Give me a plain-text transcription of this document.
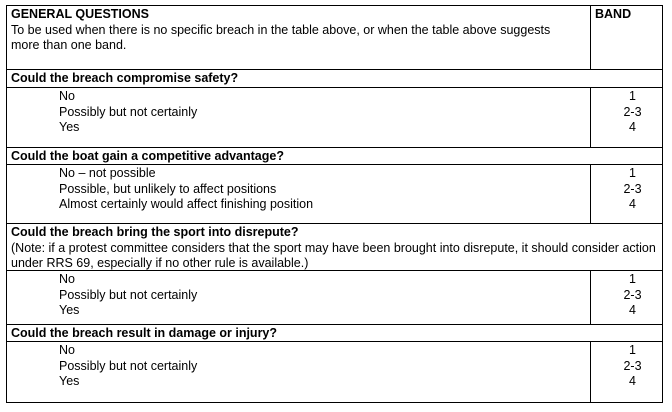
GENERAL QUESTIONS
To be used when there is no specific breach in the table above, or when the table above suggests more than one band.
BAND
Could the breach compromise safety?
No
Possibly but not certainly
Yes
1
2-3
4
Could the boat gain a competitive advantage?
No – not possible
Possible, but unlikely to affect positions
Almost certainly would affect finishing position
1
2-3
4
Could the breach bring the sport into disrepute?
(Note: if a protest committee considers that the sport may have been brought into disrepute, it should consider action under RRS 69, especially if no other rule is available.)
No
Possibly but not certainly
Yes
1
2-3
4
Could the breach result in damage or injury?
No
Possibly but not certainly
Yes
1
2-3
4
